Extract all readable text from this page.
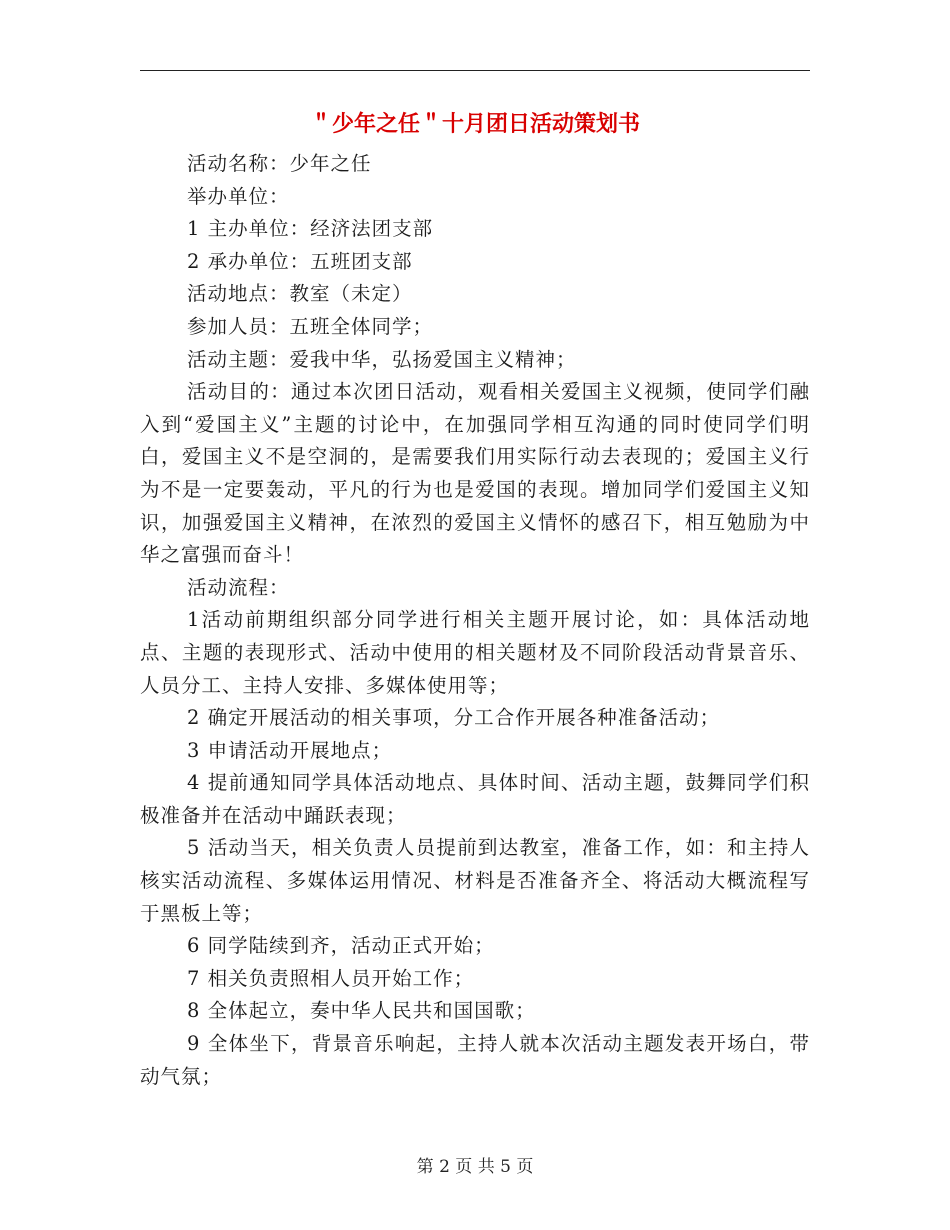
＂少年之任＂十月团日活动策划书

活动名称：少年之任

举办单位：

1 主办单位：经济法团支部

2 承办单位：五班团支部

活动地点：教室（未定）

参加人员：五班全体同学；

活动主题：爱我中华，弘扬爱国主义精神；

活动目的：通过本次团日活动，观看相关爱国主义视频，使同学们融入到“爱国主义”主题的讨论中，在加强同学相互沟通的同时使同学们明白，爱国主义不是空洞的，是需要我们用实际行动去表现的；爱国主义行为不是一定要轰动，平凡的行为也是爱国的表现。增加同学们爱国主义知识，加强爱国主义精神，在浓烈的爱国主义情怀的感召下，相互勉励为中华之富强而奋斗！

活动流程：

1活动前期组织部分同学进行相关主题开展讨论，如：具体活动地点、主题的表现形式、活动中使用的相关题材及不同阶段活动背景音乐、人员分工、主持人安排、多媒体使用等；

2 确定开展活动的相关事项，分工合作开展各种准备活动；

3 申请活动开展地点；

4 提前通知同学具体活动地点、具体时间、活动主题，鼓舞同学们积极准备并在活动中踊跃表现；

5 活动当天，相关负责人员提前到达教室，准备工作，如：和主持人核实活动流程、多媒体运用情况、材料是否准备齐全、将活动大概流程写于黑板上等；

6 同学陆续到齐，活动正式开始；

7 相关负责照相人员开始工作；

8 全体起立，奏中华人民共和国国歌；

9 全体坐下，背景音乐响起，主持人就本次活动主题发表开场白，带动气氛；

第 2 页 共 5 页
